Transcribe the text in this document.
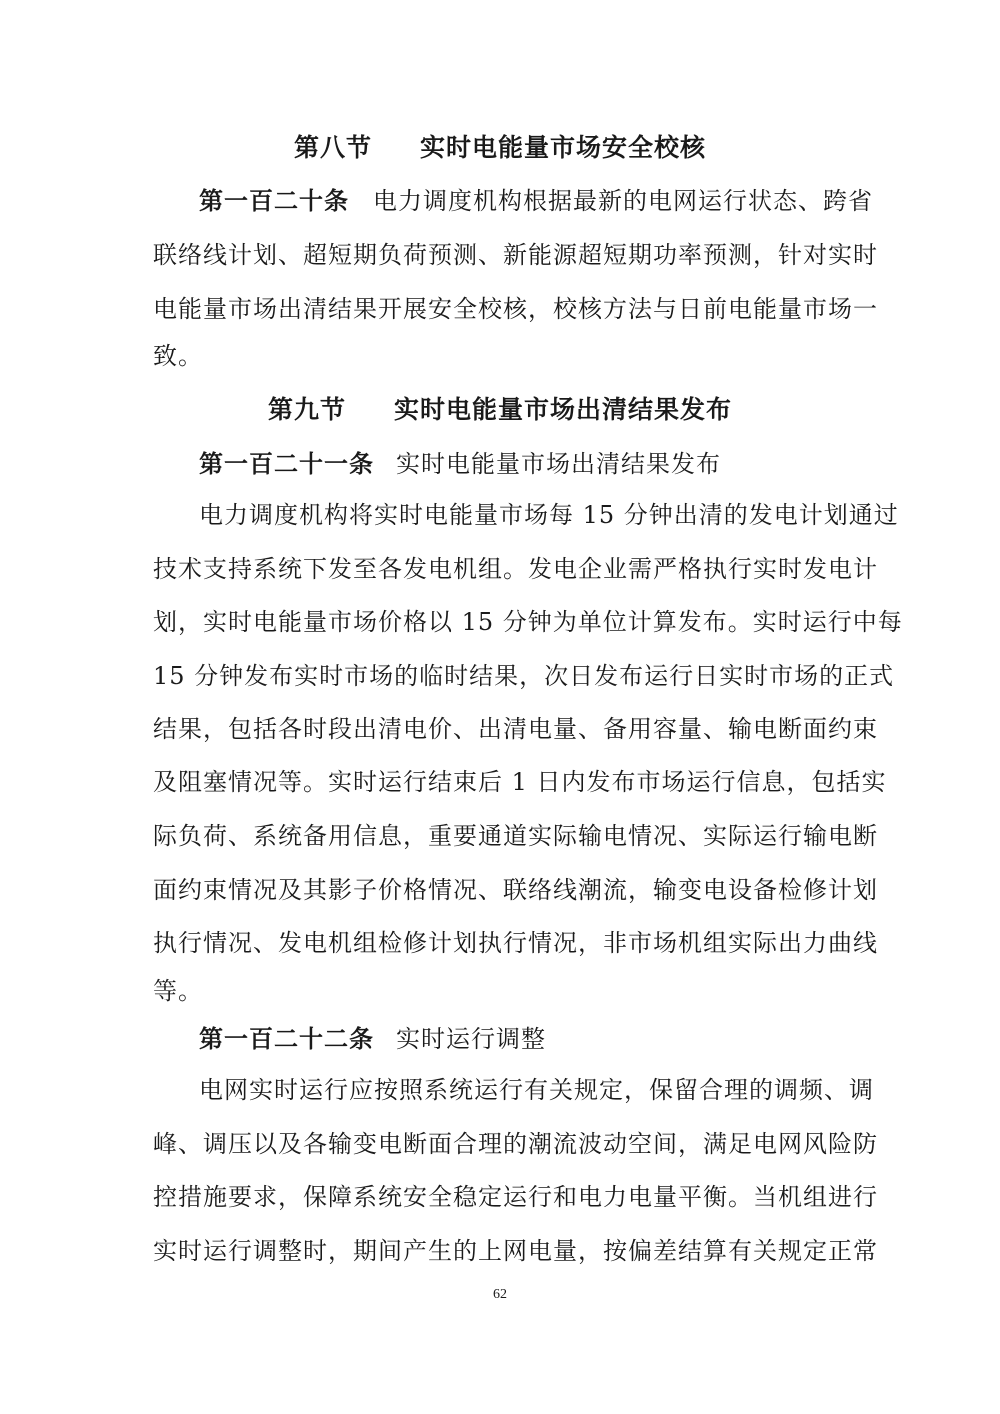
第八节 实时电能量市场安全校核
第一百二十条 电力调度机构根据最新的电网运行状态、跨省
联络线计划、超短期负荷预测、新能源超短期功率预测，针对实时
电能量市场出清结果开展安全校核，校核方法与日前电能量市场一
致。
第九节 实时电能量市场出清结果发布
第一百二十一条 实时电能量市场出清结果发布
电力调度机构将实时电能量市场每 15 分钟出清的发电计划通过
技术支持系统下发至各发电机组。发电企业需严格执行实时发电计
划，实时电能量市场价格以 15 分钟为单位计算发布。实时运行中每
15 分钟发布实时市场的临时结果，次日发布运行日实时市场的正式
结果，包括各时段出清电价、出清电量、备用容量、输电断面约束
及阻塞情况等。实时运行结束后 1 日内发布市场运行信息，包括实
际负荷、系统备用信息，重要通道实际输电情况、实际运行输电断
面约束情况及其影子价格情况、联络线潮流，输变电设备检修计划
执行情况、发电机组检修计划执行情况，非市场机组实际出力曲线
等。
第一百二十二条 实时运行调整
电网实时运行应按照系统运行有关规定，保留合理的调频、调
峰、调压以及各输变电断面合理的潮流波动空间，满足电网风险防
控措施要求，保障系统安全稳定运行和电力电量平衡。当机组进行
实时运行调整时，期间产生的上网电量，按偏差结算有关规定正常
62
